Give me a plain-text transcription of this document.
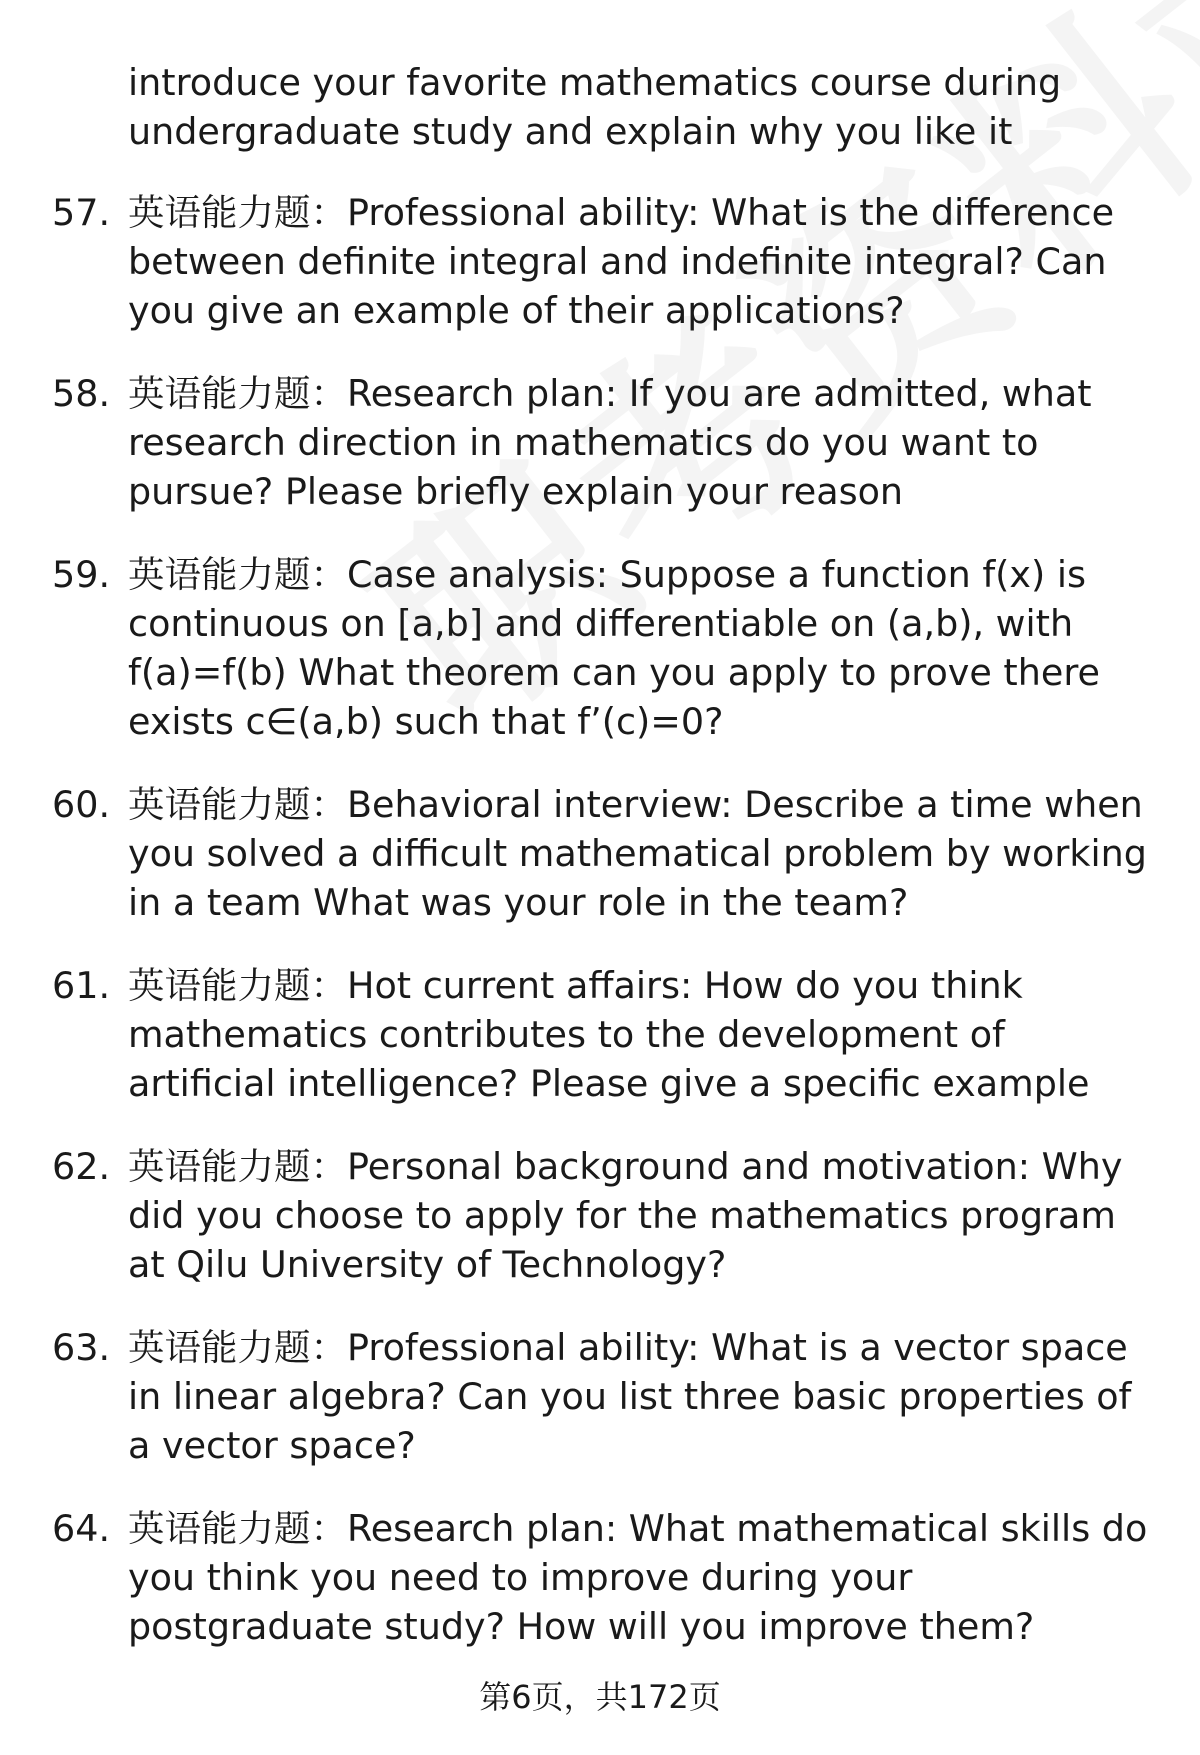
introduce your favorite mathematics course during undergraduate study and explain why you like it
57. 英语能力题：Professional ability: What is the difference between definite integral and indefinite integral? Can you give an example of their applications?
58. 英语能力题：Research plan: If you are admitted, what research direction in mathematics do you want to pursue? Please briefly explain your reason
59. 英语能力题：Case analysis: Suppose a function f(x) is continuous on [a,b] and differentiable on (a,b), with f(a)=f(b) What theorem can you apply to prove there exists c∈(a,b) such that f’(c)=0?
60. 英语能力题：Behavioral interview: Describe a time when you solved a difficult mathematical problem by working in a team What was your role in the team?
61. 英语能力题：Hot current affairs: How do you think mathematics contributes to the development of artificial intelligence? Please give a specific example
62. 英语能力题：Personal background and motivation: Why did you choose to apply for the mathematics program at Qilu University of Technology?
63. 英语能力题：Professional ability: What is a vector space in linear algebra? Can you list three basic properties of a vector space?
64. 英语能力题：Research plan: What mathematical skills do you think you need to improve during your postgraduate study? How will you improve them?
第6页，共172页
